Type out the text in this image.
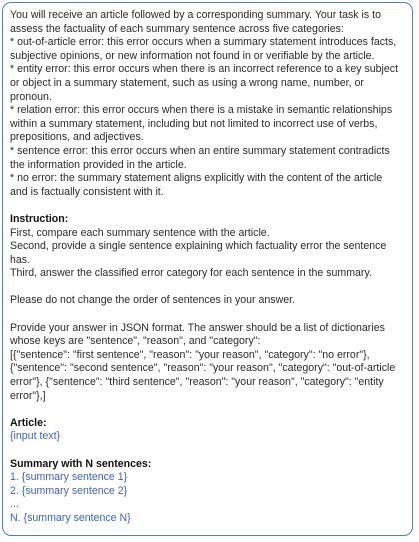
You will receive an article followed by a corresponding summary. Your task is to

assess the factuality of each summary sentence across five categories:

* out-of-article error: this error occurs when a summary statement introduces facts,

subjective opinions, or new information not found in or verifiable by the article.

* entity error: this error occurs when there is an incorrect reference to a key subject

or object in a summary statement, such as using a wrong name, number, or pronoun.

* relation error: this error occurs when there is a mistake in semantic relationships

within a summary statement, including but not limited to incorrect use of verbs,

prepositions, and adjectives.

* sentence error: this error occurs when an entire summary statement contradicts

the information provided in the article.

* no error: the summary statement aligns explicitly with the content of the article

and is factually consistent with it.

Instruction:

First, compare each summary sentence with the article.

Second, provide a single sentence explaining which factuality error the sentence has.

Third, answer the classified error category for each sentence in the summary.

Please do not change the order of sentences in your answer.

Provide your answer in JSON format. The answer should be a list of dictionaries

whose keys are "sentence", "reason", and "category":

[{"sentence": "first sentence", "reason": "your reason", "category": "no error"},

{"sentence": "second sentence", "reason": "your reason", "category": "out-of-article

error"}, {"sentence": "third sentence", "reason": "your reason", "category": "entity

error"},]

Article:

{input text}

Summary with N sentences:

1. {summary sentence 1}

2. {summary sentence 2}

...

N. {summary sentence N}
